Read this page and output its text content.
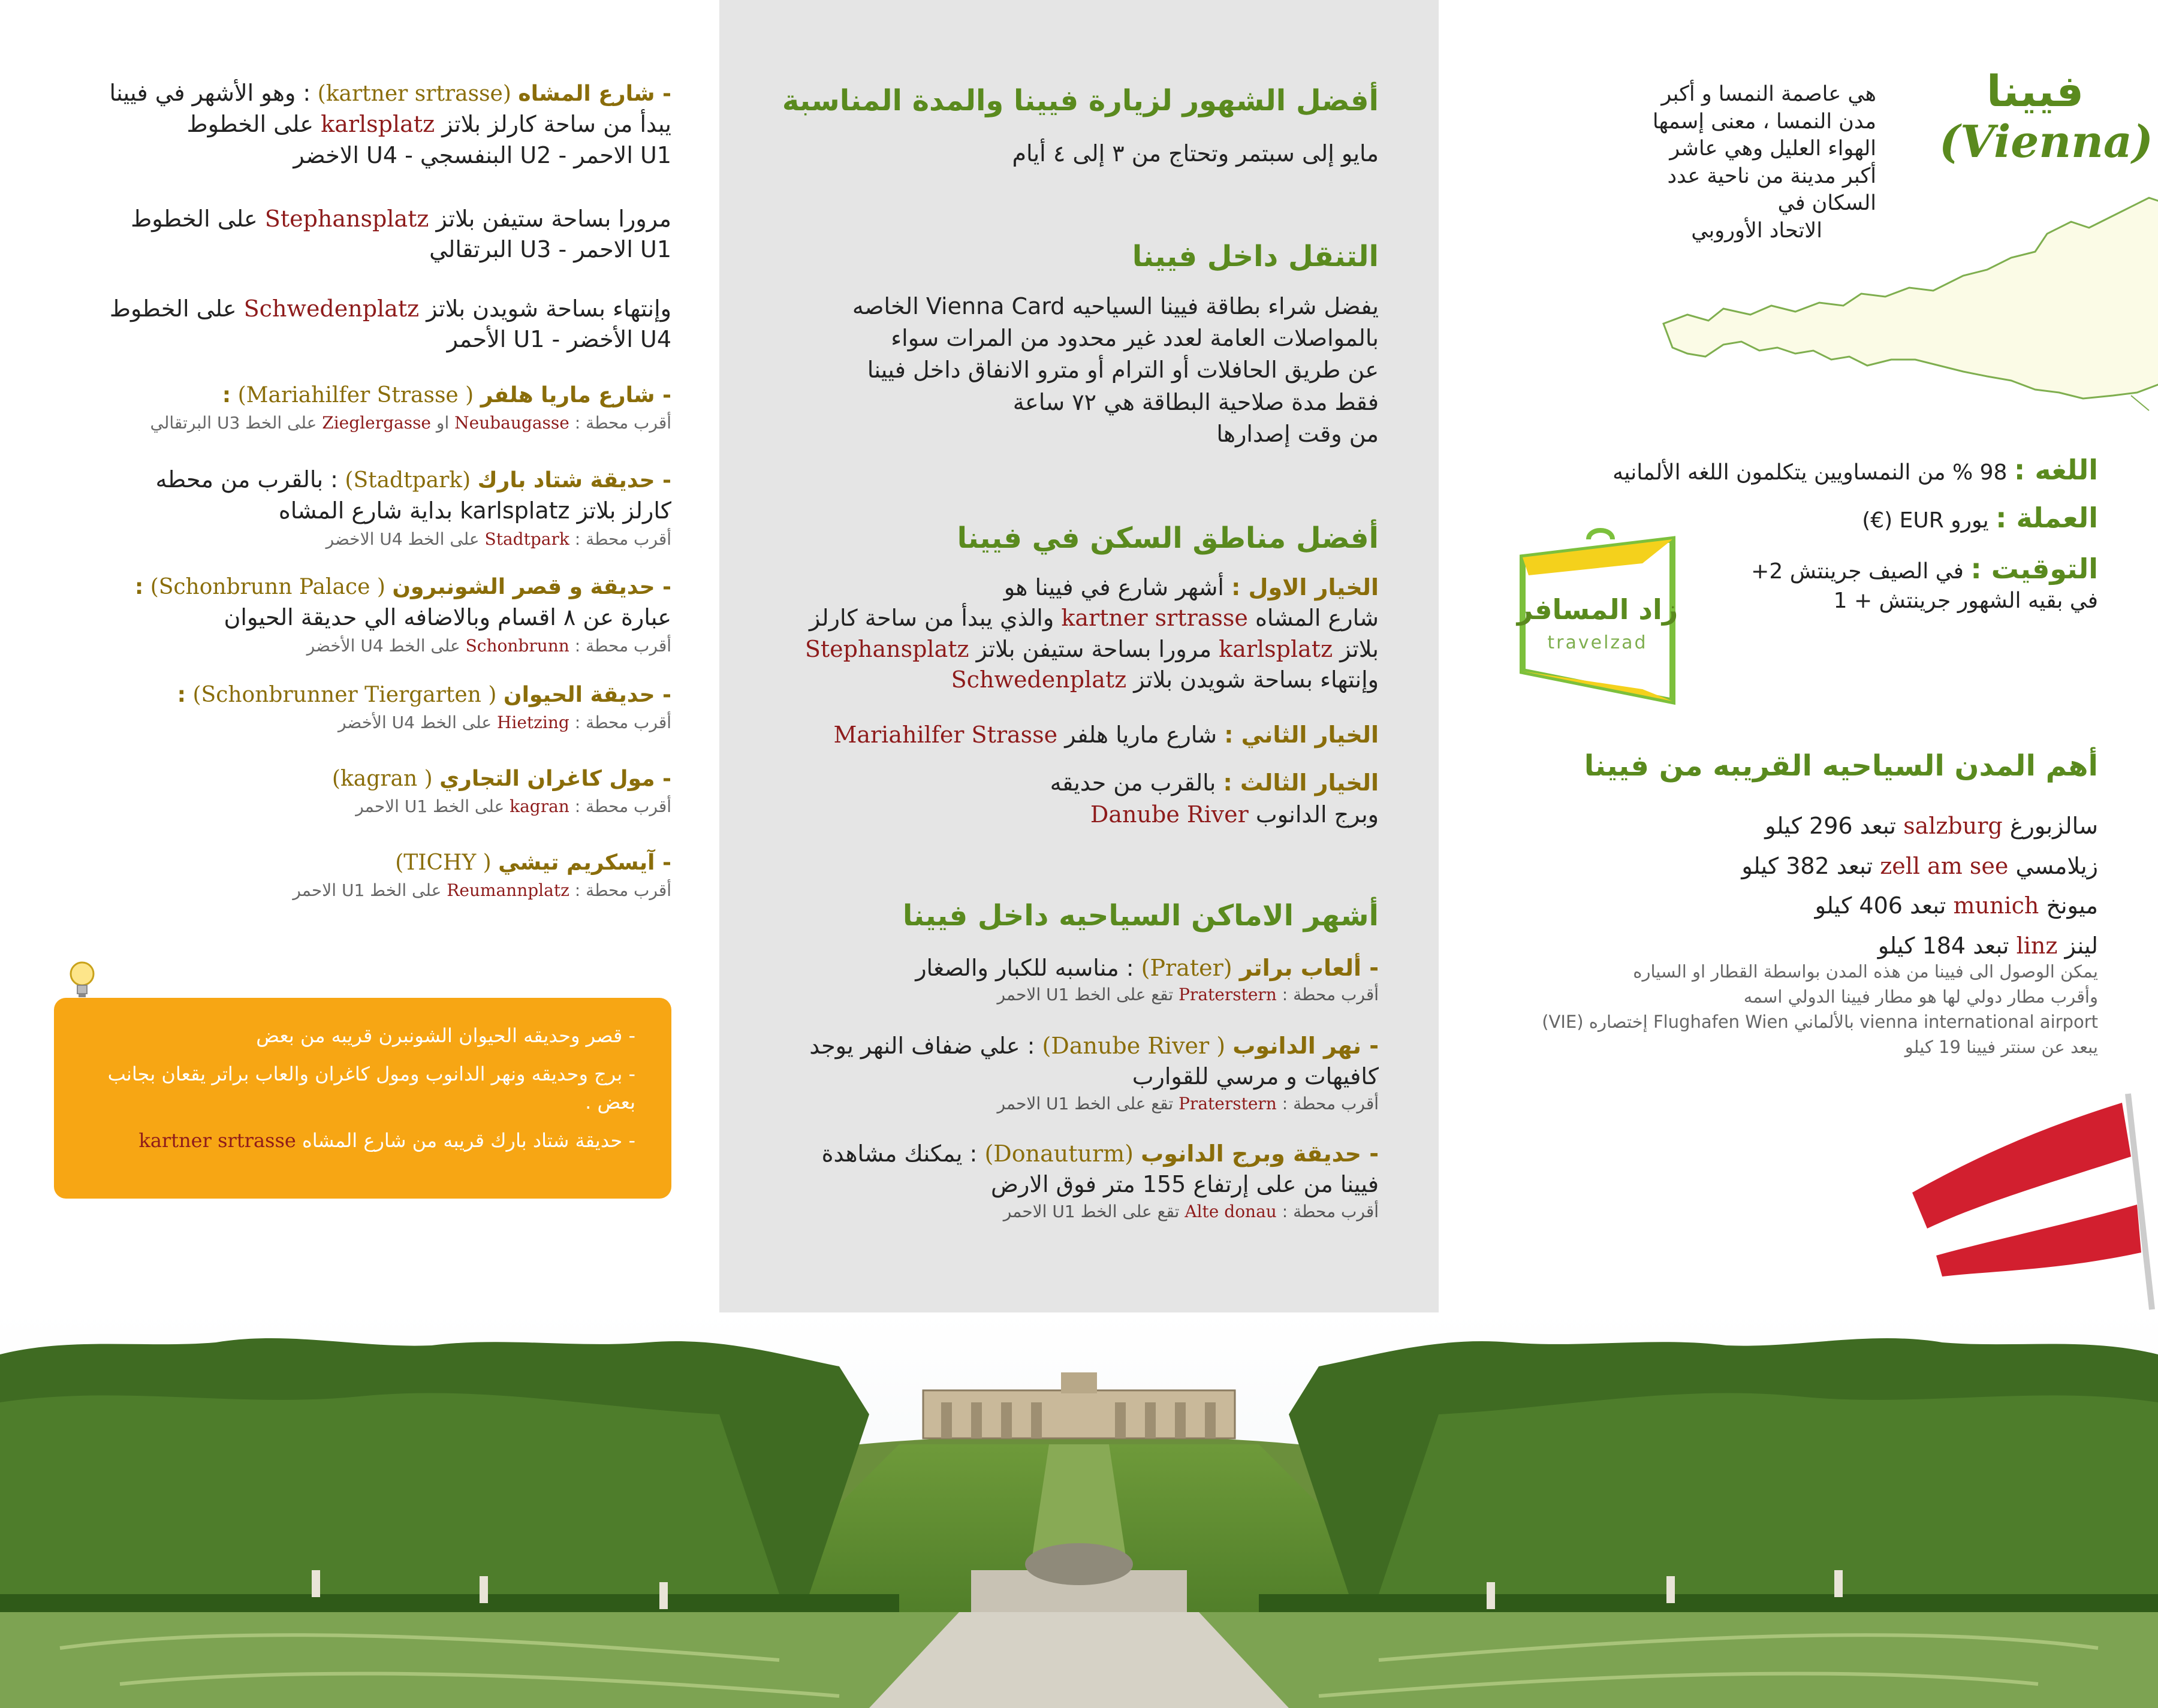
- شارع المشاه (kartner srtrasse) : وهو الأشهر في فيينا
يبدأ من ساحة كارلز بلاتز karlsplatz على الخطوط
U1 الاحمر - U2 البنفسجي - U4 الاخضر
مرورا بساحة ستيفن بلاتز Stephansplatz على الخطوط
U1 الاحمر - U3 البرتقالي
وإنتهاء بساحة شويدن بلاتز Schwedenplatz على الخطوط
U4 الأخضر - U1 الأحمر
- شارع ماريا هلفر ( Mariahilfer Strasse) :
أقرب محطة : Neubaugasse او Zieglergasse على الخط U3 البرتقالي
- حديقة شتاد بارك (Stadtpark) : بالقرب من محطه
كارلز بلاتز karlsplatz بداية شارع المشاه
أقرب محطة : Stadtpark على الخط U4 الاخضر
- حديقة و قصر الشونبرون ( Schonbrunn Palace) :
عبارة عن ٨ اقسام وبالاضافه الي حديقة الحيوان
أقرب محطة : Schonbrunn على الخط U4 الأخضر
- حديقة الحيوان ( Schonbrunner Tiergarten) :
أقرب محطة : Hietzing على الخط U4 الأخضر
- مول كاغران التجاري ( kagran)
أقرب محطة : kagran على الخط U1 الاحمر
- آيسكريم تيشي ( TICHY)
أقرب محطة : Reumannplatz على الخط U1 الاحمر

- قصر وحديقه الحيوان الشونبرن قريبه من بعض

- برج وحديقه ونهر الدانوب ومول كاغران والعاب براتر يقعان بجانب بعض .

- حديقة شتاد بارك قريبه من شارع المشاه kartner srtrasse

أفضل الشهور لزيارة فيينا والمدة المناسبة
مايو إلى سبتمر وتحتاج من ٣ إلى ٤ أيام
التنقل داخل فيينا
يفضل شراء بطاقة فيينا السياحيه Vienna Card الخاصه
بالمواصلات العامة لعدد غير محدود من المرات سواء
عن طريق الحافلات أو الترام أو مترو الانفاق داخل فيينا
فقط مدة صلاحية البطاقة هي ٧٢ ساعة
من وقت إصدارها
أفضل مناطق السكن في فيينا
الخيار الاول : أشهر شارع في فيينا هو
شارع المشاه kartner srtrasse والذي يبدأ من ساحة كارلز
بلاتز karlsplatz مرورا بساحة ستيفن بلاتز Stephansplatz
وإنتهاء بساحة شويدن بلاتز Schwedenplatz
الخيار الثاني : شارع ماريا هلفر Mariahilfer Strasse
الخيار الثالث : بالقرب من حديقه
وبرج الدانوب Danube River
أشهر الاماكن السياحيه داخل فيينا
- ألعاب براتر (Prater) : مناسبه للكبار والصغار
أقرب محطة : Praterstern تقع على الخط U1 الاحمر
- نهر الدانوب ( Danube River) : علي ضفاف النهر يوجد
كافيهات و مرسي للقوارب
أقرب محطة : Praterstern تقع على الخط U1 الاحمر
- حديقة وبرج الدانوب (Donauturm) : يمكنك مشاهدة
فيينا من على إرتفاع 155 متر فوق الارض
أقرب محطة : Alte donau تقع على الخط U1 الاحمر
فيينا
(Vienna)
هي عاصمة النمسا و أكبر
مدن النمسا ، معنى إسمها
الهواء العليل وهي عاشر
أكبر مدينة من ناحية عدد
السكان في
الاتحاد الأوروبي
اللغه : 98 % من النمساويين يتكلمون اللغه الألمانيه
العملة : يورو EUR (€)
التوقيت : في الصيف جرينتش 2+
في بقيه الشهور جرينتش + 1
زاد المسافر
travelzad
أهم المدن السياحيه القريبه من فيينا
سالزبورغ salzburg تبعد 296 كيلو
زيلامسي zell am see تبعد 382 كيلو
ميونخ munich تبعد 406 كيلو
لينز linz تبعد 184 كيلو
يمكن الوصول الى فيينا من هذه المدن بواسطة القطار او السياره
وأقرب مطار دولي لها هو مطار فيينا الدولي اسمه
vienna international airport بالألماني Flughafen Wien إختصاره (VIE)
يبعد عن سنتر فيينا 19 كيلو
